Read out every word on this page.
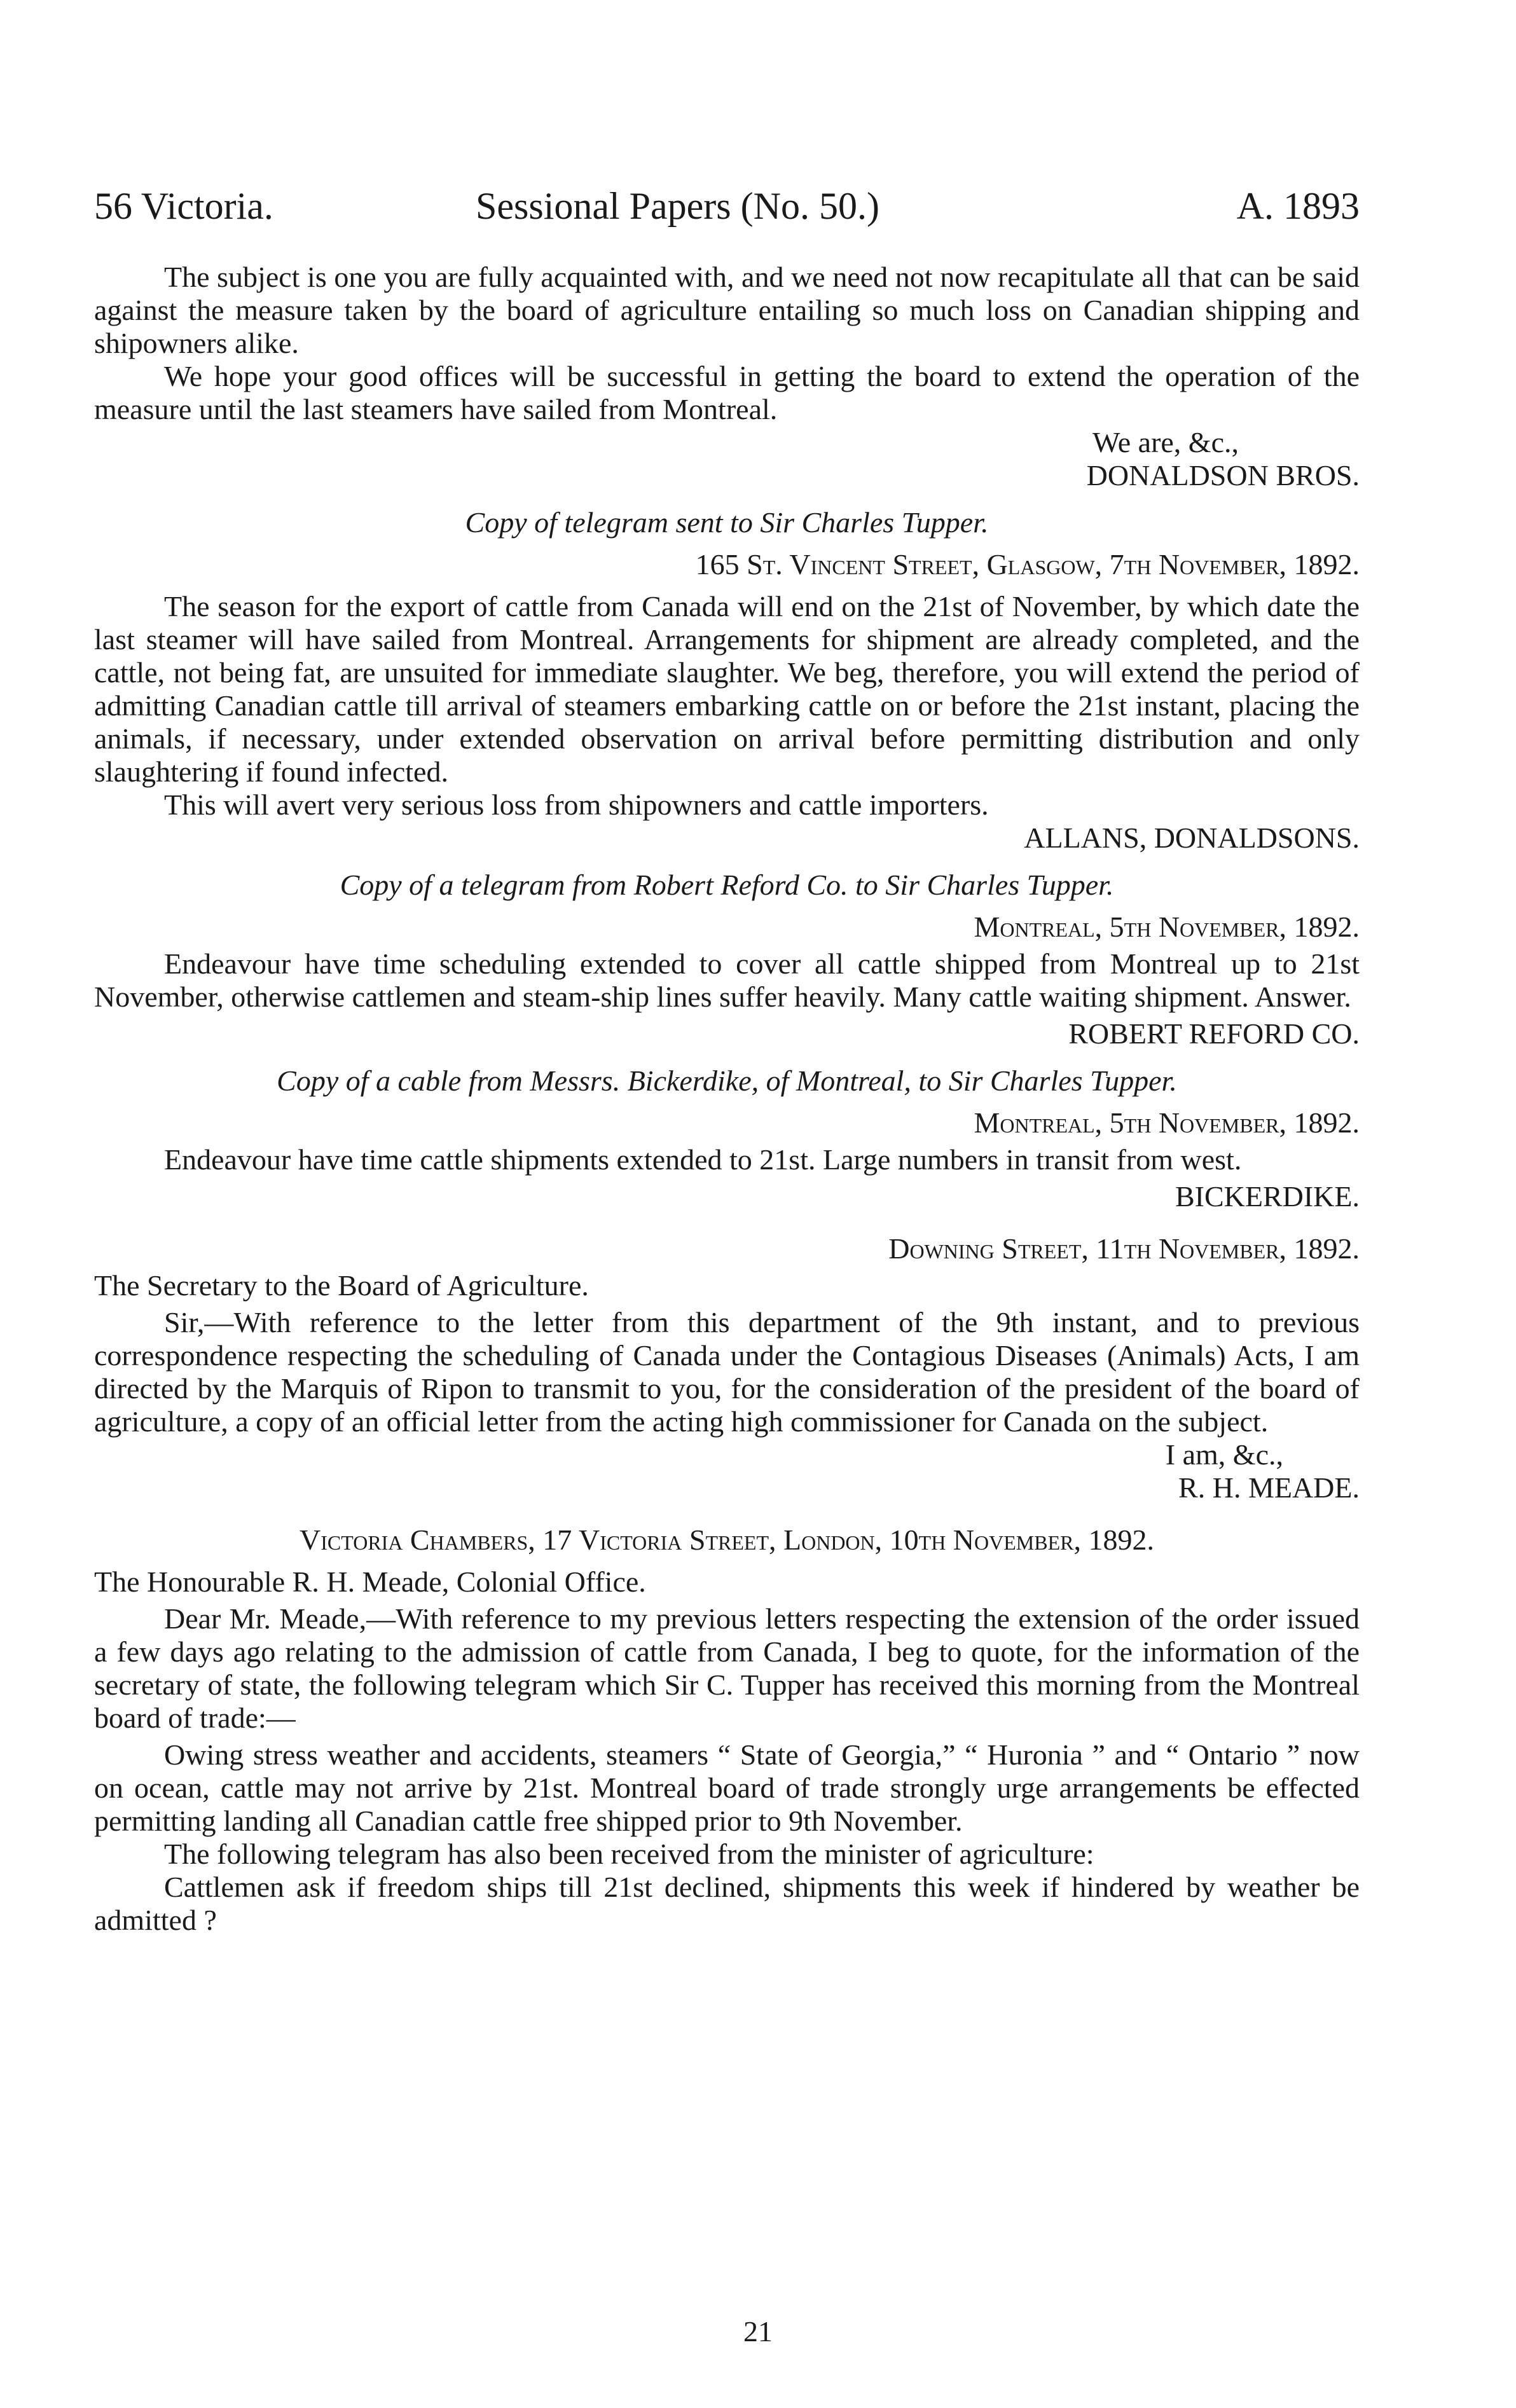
56 Victoria.	Sessional Papers (No. 50.)	A. 1893

The subject is one you are fully acquainted with, and we need not now recapitulate all that can be said against the measure taken by the board of agriculture entailing so much loss on Canadian shipping and shipowners alike.

We hope your good offices will be successful in getting the board to extend the operation of the measure until the last steamers have sailed from Montreal.

We are, &c.,

DONALDSON BROS.

Copy of telegram sent to Sir Charles Tupper.

165 St. Vincent Street, Glasgow, 7th November, 1892.

The season for the export of cattle from Canada will end on the 21st of November, by which date the last steamer will have sailed from Montreal. Arrangements for shipment are already completed, and the cattle, not being fat, are unsuited for immediate slaughter. We beg, therefore, you will extend the period of admitting Canadian cattle till arrival of steamers embarking cattle on or before the 21st instant, placing the animals, if necessary, under extended observation on arrival before permitting distribution and only slaughtering if found infected.

This will avert very serious loss from shipowners and cattle importers.

ALLANS, DONALDSONS.

Copy of a telegram from Robert Reford Co. to Sir Charles Tupper.

Montreal, 5th November, 1892.

Endeavour have time scheduling extended to cover all cattle shipped from Montreal up to 21st November, otherwise cattlemen and steam-ship lines suffer heavily. Many cattle waiting shipment. Answer.

ROBERT REFORD CO.

Copy of a cable from Messrs. Bickerdike, of Montreal, to Sir Charles Tupper.

Montreal, 5th November, 1892.

Endeavour have time cattle shipments extended to 21st. Large numbers in transit from west.

BICKERDIKE.

Downing Street, 11th November, 1892.

The Secretary to the Board of Agriculture.

Sir,—With reference to the letter from this department of the 9th instant, and to previous correspondence respecting the scheduling of Canada under the Contagious Diseases (Animals) Acts, I am directed by the Marquis of Ripon to transmit to you, for the consideration of the president of the board of agriculture, a copy of an official letter from the acting high commissioner for Canada on the subject.

I am, &c.,

R. H. MEADE.

Victoria Chambers, 17 Victoria Street, London, 10th November, 1892.

The Honourable R. H. Meade, Colonial Office.

Dear Mr. Meade,—With reference to my previous letters respecting the extension of the order issued a few days ago relating to the admission of cattle from Canada, I beg to quote, for the information of the secretary of state, the following telegram which Sir C. Tupper has received this morning from the Montreal board of trade:—

Owing stress weather and accidents, steamers “ State of Georgia,” “ Huronia ” and “ Ontario ” now on ocean, cattle may not arrive by 21st. Montreal board of trade strongly urge arrangements be effected permitting landing all Canadian cattle free shipped prior to 9th November.

The following telegram has also been received from the minister of agriculture:

Cattlemen ask if freedom ships till 21st declined, shipments this week if hindered by weather be admitted ?

21
